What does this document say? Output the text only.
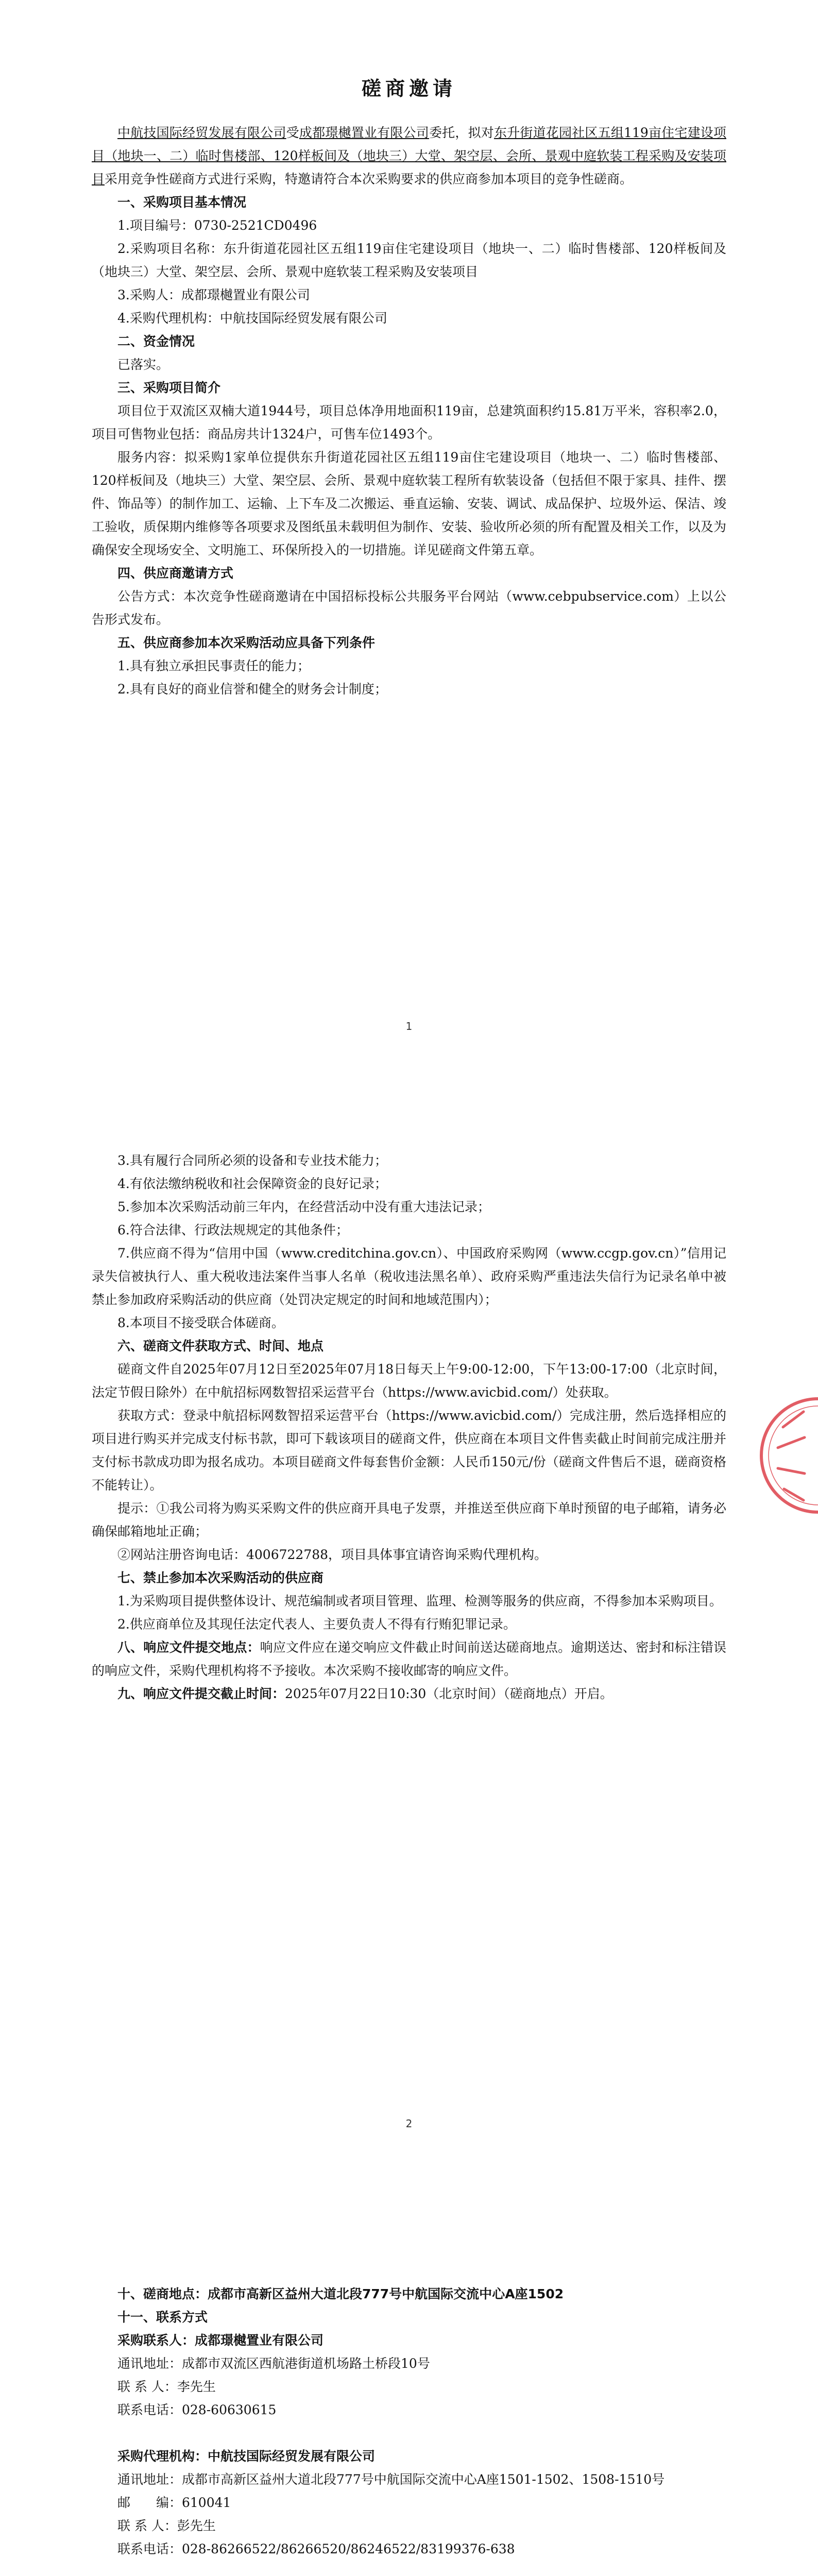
磋商邀请

中航技国际经贸发展有限公司受成都璟樾置业有限公司委托，拟对东升街道花园社区五组119亩住宅建设项目（地块一、二）临时售楼部、120样板间及（地块三）大堂、架空层、会所、景观中庭软装工程采购及安装项目采用竞争性磋商方式进行采购，特邀请符合本次采购要求的供应商参加本项目的竞争性磋商。

一、采购项目基本情况

1.项目编号：0730-2521CD0496

2.采购项目名称：东升街道花园社区五组119亩住宅建设项目（地块一、二）临时售楼部、120样板间及（地块三）大堂、架空层、会所、景观中庭软装工程采购及安装项目

3.采购人：成都璟樾置业有限公司

4.采购代理机构：中航技国际经贸发展有限公司

二、资金情况

已落实。

三、采购项目简介

项目位于双流区双楠大道1944号，项目总体净用地面积119亩，总建筑面积约15.81万平米，容积率2.0，项目可售物业包括：商品房共计1324户，可售车位1493个。

服务内容：拟采购1家单位提供东升街道花园社区五组119亩住宅建设项目（地块一、二）临时售楼部、120样板间及（地块三）大堂、架空层、会所、景观中庭软装工程所有软装设备（包括但不限于家具、挂件、摆件、饰品等）的制作加工、运输、上下车及二次搬运、垂直运输、安装、调试、成品保护、垃圾外运、保洁、竣工验收，质保期内维修等各项要求及图纸虽未载明但为制作、安装、验收所必须的所有配置及相关工作，以及为确保安全现场安全、文明施工、环保所投入的一切措施。详见磋商文件第五章。

四、供应商邀请方式

公告方式：本次竞争性磋商邀请在中国招标投标公共服务平台网站（www.cebpubservice.com）上以公告形式发布。

五、供应商参加本次采购活动应具备下列条件

1.具有独立承担民事责任的能力；

2.具有良好的商业信誉和健全的财务会计制度；

1

3.具有履行合同所必须的设备和专业技术能力；

4.有依法缴纳税收和社会保障资金的良好记录；

5.参加本次采购活动前三年内，在经营活动中没有重大违法记录；

6.符合法律、行政法规规定的其他条件；

7.供应商不得为“信用中国（www.creditchina.gov.cn）、中国政府采购网（www.ccgp.gov.cn）”信用记录失信被执行人、重大税收违法案件当事人名单（税收违法黑名单）、政府采购严重违法失信行为记录名单中被禁止参加政府采购活动的供应商（处罚决定规定的时间和地域范围内）；

8.本项目不接受联合体磋商。

六、磋商文件获取方式、时间、地点

磋商文件自2025年07月12日至2025年07月18日每天上午9:00-12:00，下午13:00-17:00（北京时间，法定节假日除外）在中航招标网数智招采运营平台（https://www.avicbid.com/）处获取。

获取方式：登录中航招标网数智招采运营平台（https://www.avicbid.com/）完成注册，然后选择相应的项目进行购买并完成支付标书款，即可下载该项目的磋商文件，供应商在本项目文件售卖截止时间前完成注册并支付标书款成功即为报名成功。本项目磋商文件每套售价金额：人民币150元/份（磋商文件售后不退，磋商资格不能转让）。

提示：①我公司将为购买采购文件的供应商开具电子发票，并推送至供应商下单时预留的电子邮箱，请务必确保邮箱地址正确；

②网站注册咨询电话：4006722788，项目具体事宜请咨询采购代理机构。

七、禁止参加本次采购活动的供应商

1.为采购项目提供整体设计、规范编制或者项目管理、监理、检测等服务的供应商，不得参加本采购项目。

2.供应商单位及其现任法定代表人、主要负责人不得有行贿犯罪记录。

八、响应文件提交地点：响应文件应在递交响应文件截止时间前送达磋商地点。逾期送达、密封和标注错误的响应文件，采购代理机构将不予接收。本次采购不接收邮寄的响应文件。

九、响应文件提交截止时间：2025年07月22日10:30（北京时间）（磋商地点）开启。

2

十、磋商地点：成都市高新区益州大道北段777号中航国际交流中心A座1502

十一、联系方式

采购联系人：成都璟樾置业有限公司

通讯地址：成都市双流区西航港街道机场路土桥段10号

联 系 人：李先生

联系电话：028-60630615

采购代理机构：中航技国际经贸发展有限公司

通讯地址：成都市高新区益州大道北段777号中航国际交流中心A座1501-1502、1508-1510号

邮　　编：610041

联 系 人：彭先生

联系电话：028-86266522/86266520/86246522/83199376-638
